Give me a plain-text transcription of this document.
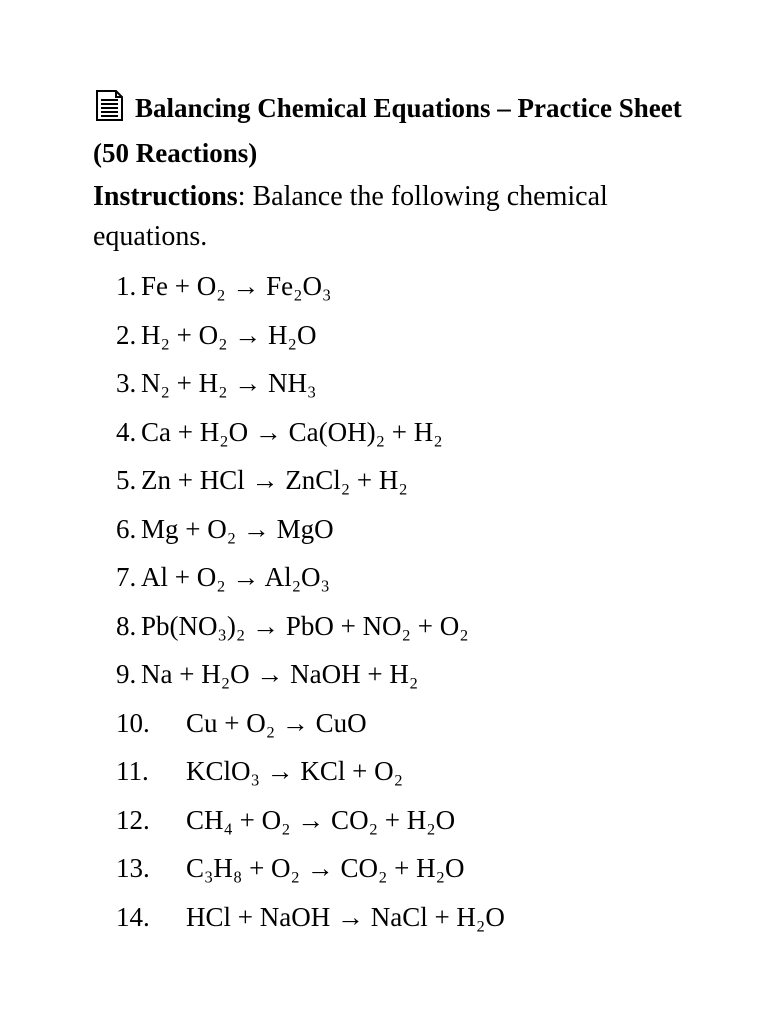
Balancing Chemical Equations – Practice Sheet (50 Reactions)

Instructions: Balance the following chemical equations.

1. Fe + O₂ → Fe₂O₃
2. H₂ + O₂ → H₂O
3. N₂ + H₂ → NH₃
4. Ca + H₂O → Ca(OH)₂ + H₂
5. Zn + HCl → ZnCl₂ + H₂
6. Mg + O₂ → MgO
7. Al + O₂ → Al₂O₃
8. Pb(NO₃)₂ → PbO + NO₂ + O₂
9. Na + H₂O → NaOH + H₂
10. Cu + O₂ → CuO
11. KClO₃ → KCl + O₂
12. CH₄ + O₂ → CO₂ + H₂O
13. C₃H₈ + O₂ → CO₂ + H₂O
14. HCl + NaOH → NaCl + H₂O
